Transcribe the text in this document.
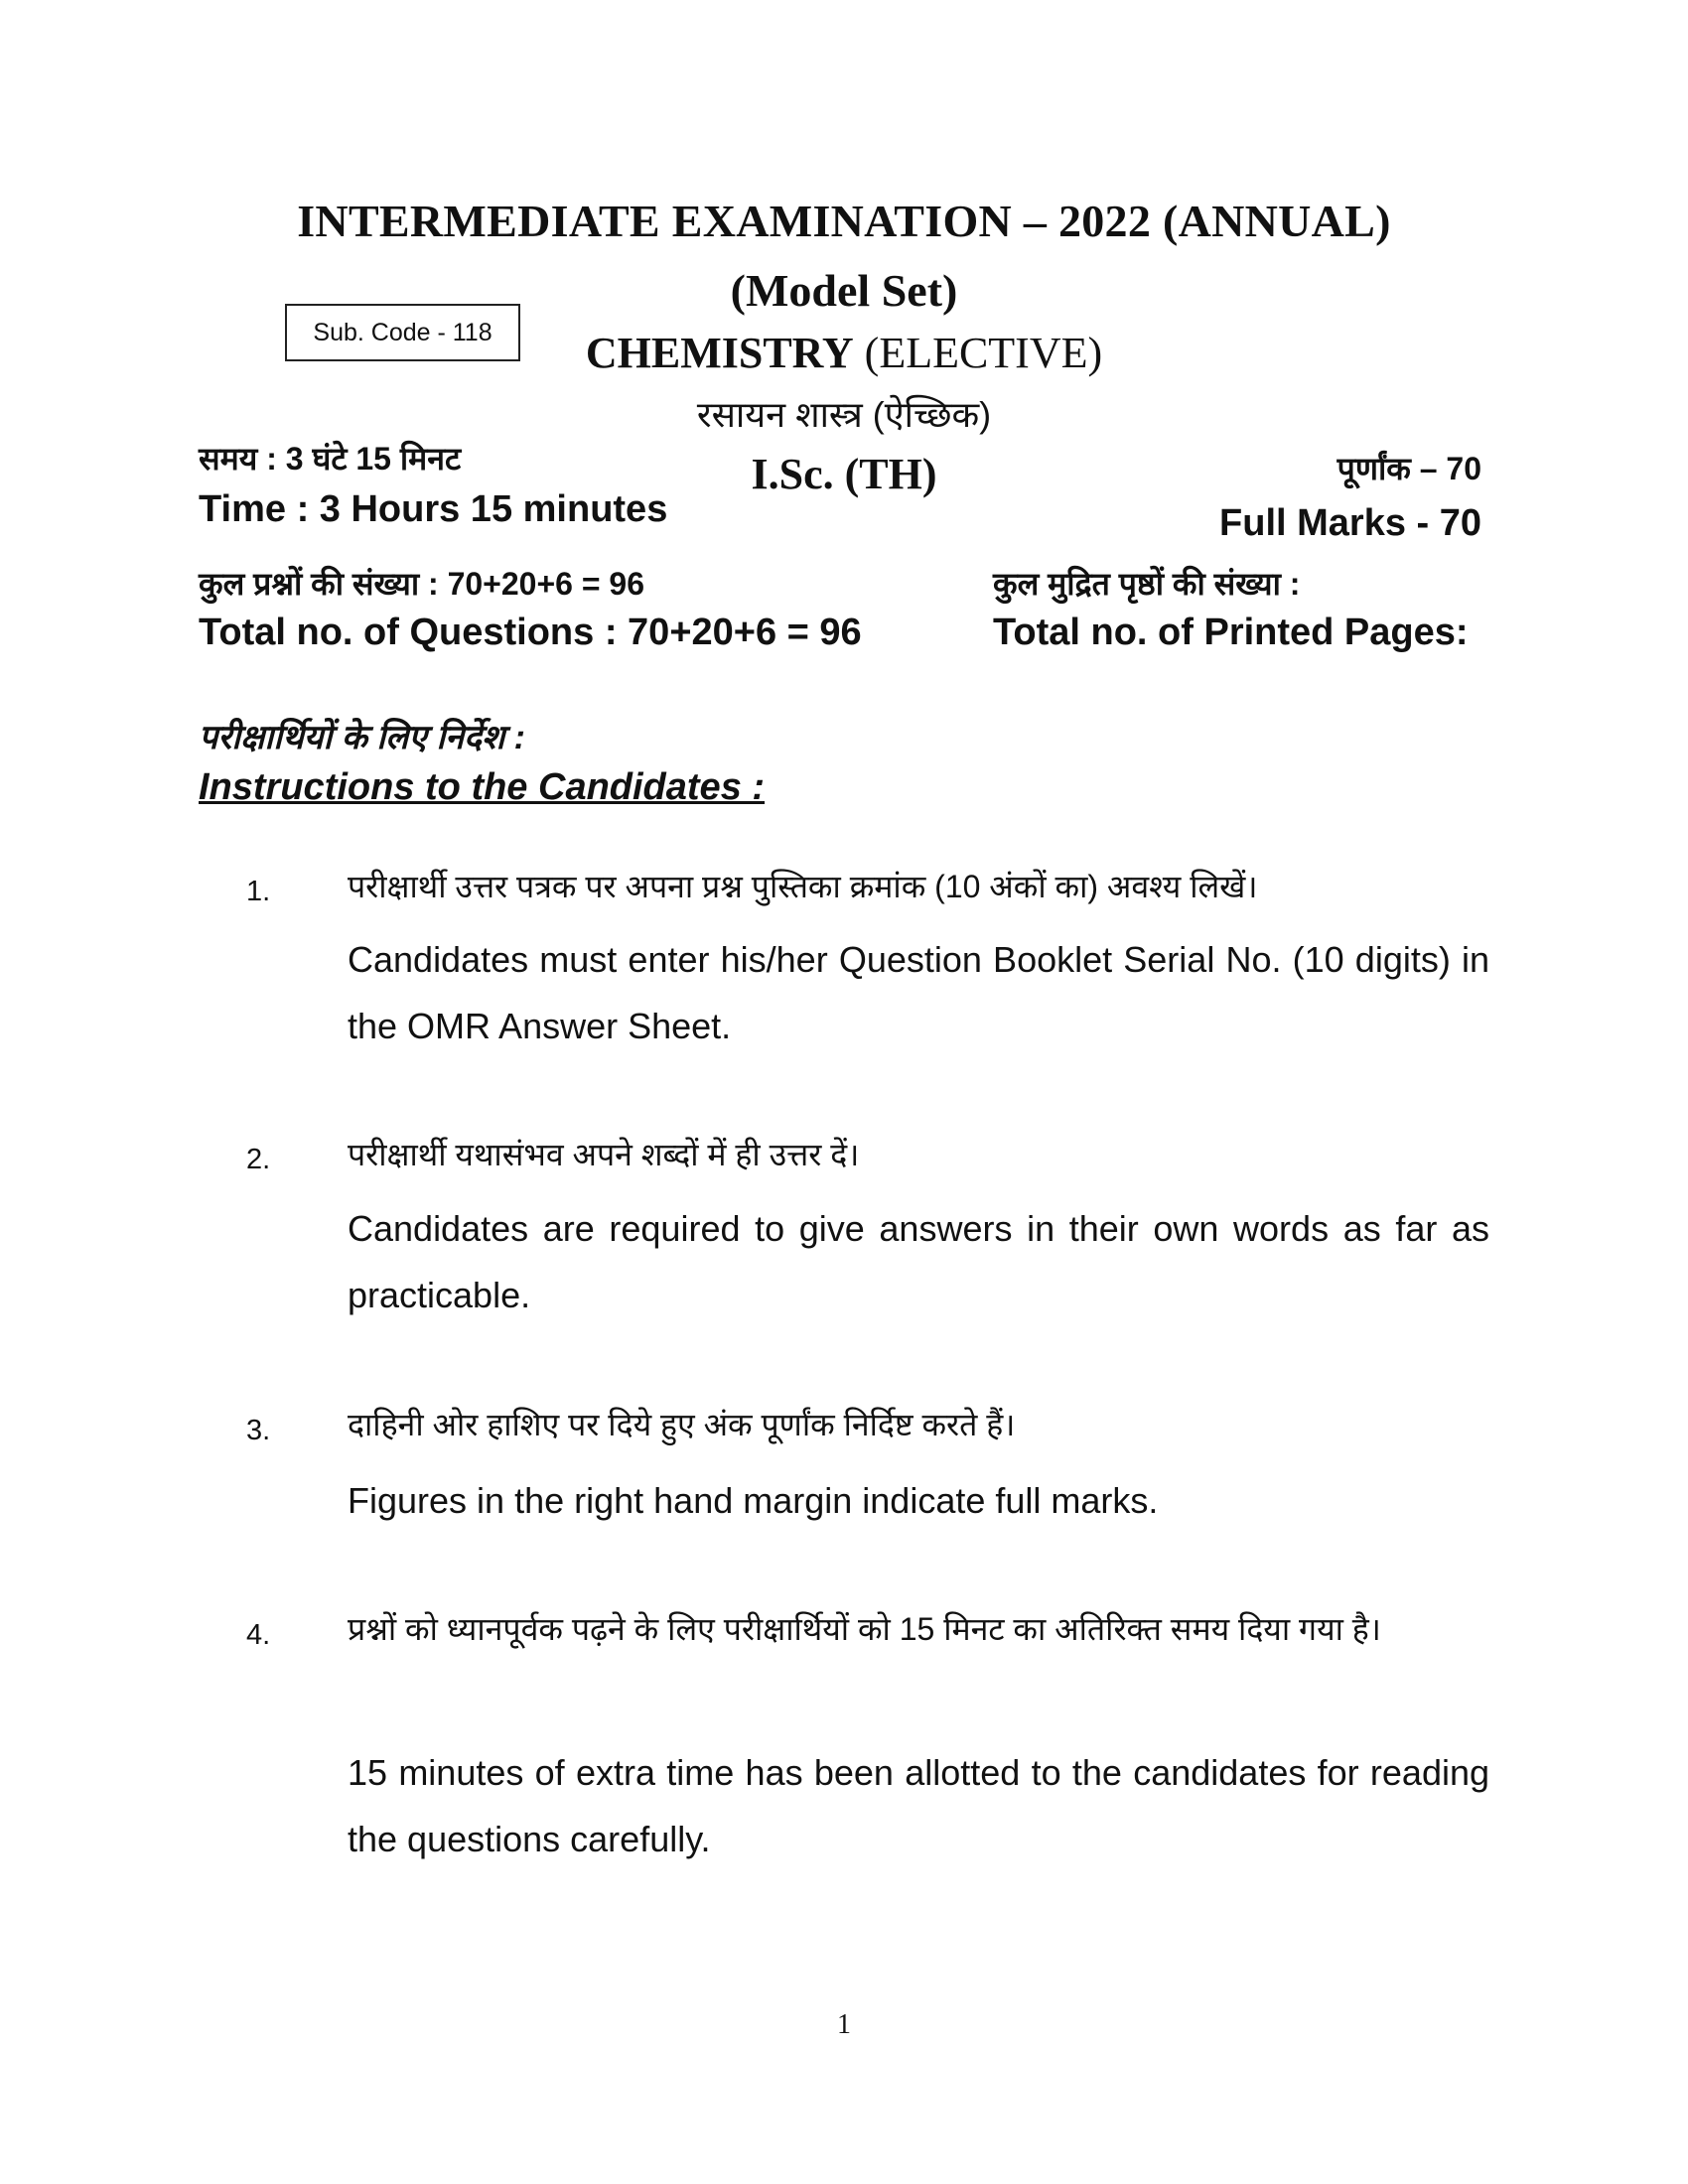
INTERMEDIATE EXAMINATION – 2022 (ANNUAL)
(Model Set)
Sub. Code - 118	CHEMISTRY (ELECTIVE)
रसायन शास्त्र (ऐच्छिक)
समय : 3 घंटे 15 मिनट
Time : 3 Hours 15 minutes
I.Sc. (TH)	पूर्णांक – 70
Full Marks - 70
कुल प्रश्नों की संख्या : 70+20+6 = 96
Total no. of Questions : 70+20+6 = 96
कुल मुद्रित पृष्ठों की संख्या :
Total no. of Printed Pages:
परीक्षार्थियों के लिए निर्देश :
Instructions to the Candidates :
1. परीक्षार्थी उत्तर पत्रक पर अपना प्रश्न पुस्तिका क्रमांक (10 अंकों का) अवश्य लिखें।
Candidates must enter his/her Question Booklet Serial No. (10 digits) in the OMR Answer Sheet.
2. परीक्षार्थी यथासंभव अपने शब्दों में ही उत्तर दें।
Candidates are required to give answers in their own words as far as practicable.
3. दाहिनी ओर हाशिए पर दिये हुए अंक पूर्णांक निर्दिष्ट करते हैं।
Figures in the right hand margin indicate full marks.
4. प्रश्नों को ध्यानपूर्वक पढ़ने के लिए परीक्षार्थियों को 15 मिनट का अतिरिक्त समय दिया गया है।
15 minutes of extra time has been allotted to the candidates for reading the questions carefully.
1
